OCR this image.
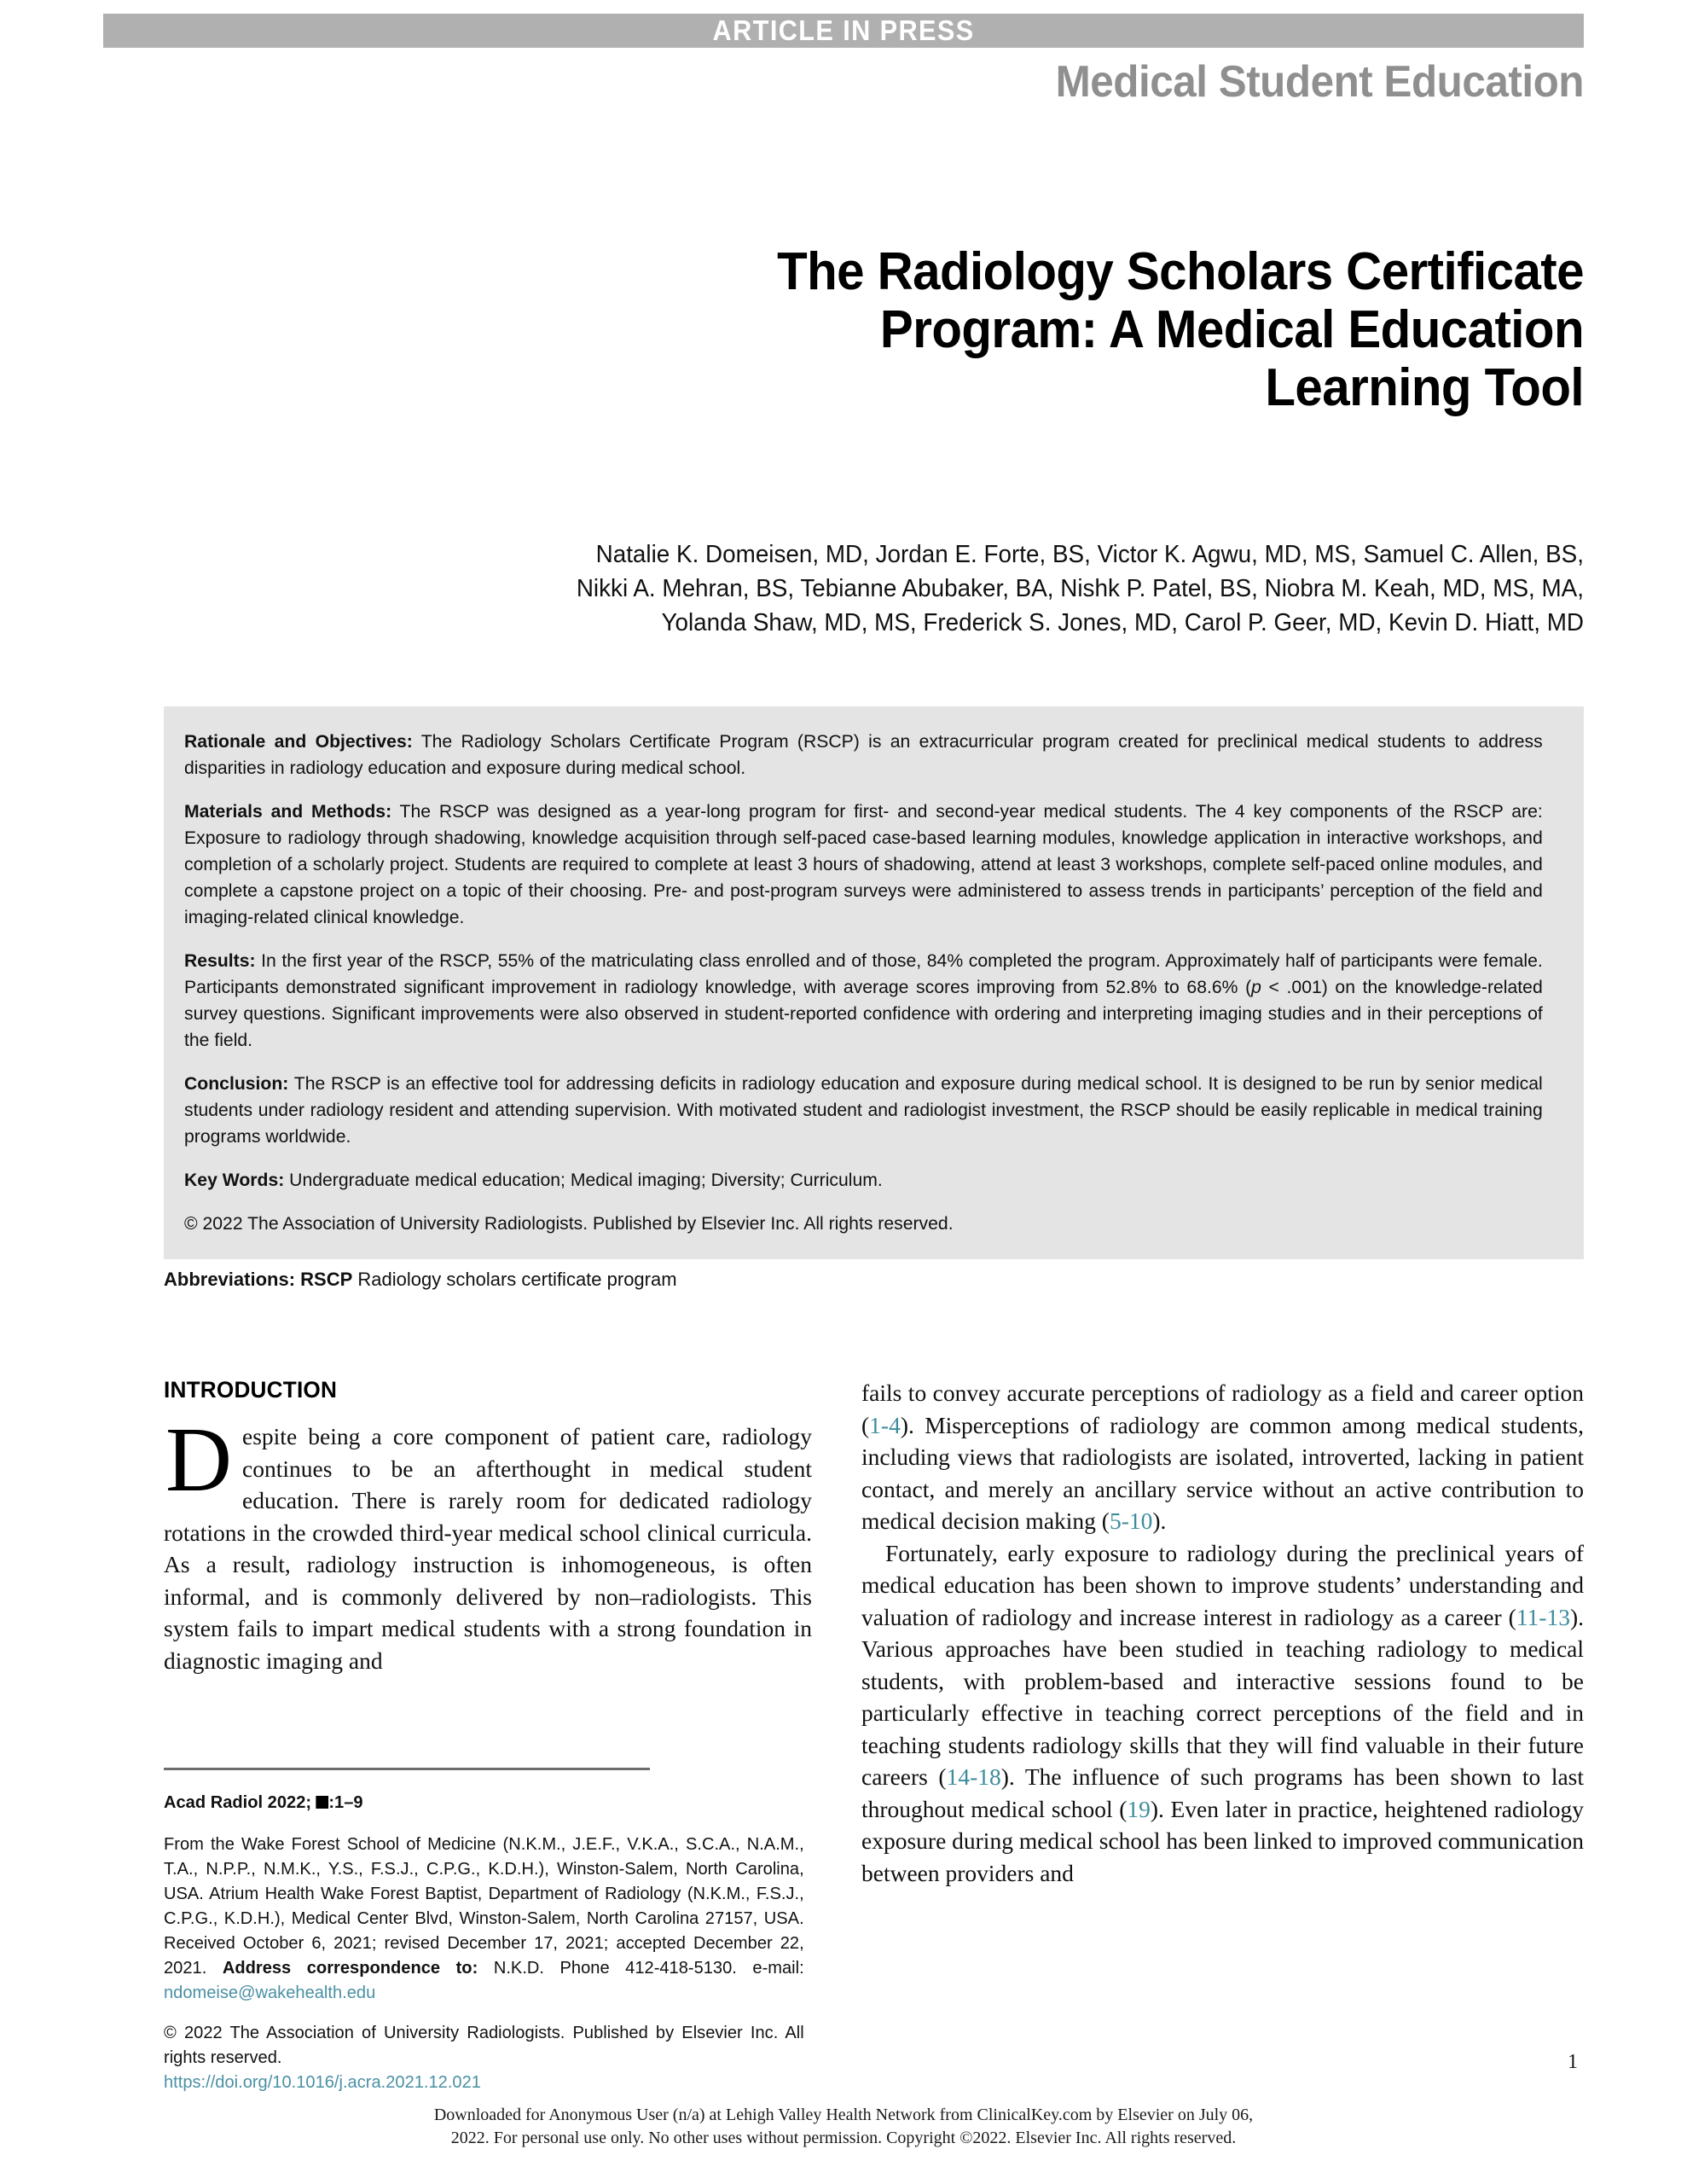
ARTICLE IN PRESS
Medical Student Education
The Radiology Scholars Certificate
Program: A Medical Education
Learning Tool
Natalie K. Domeisen, MD, Jordan E. Forte, BS, Victor K. Agwu, MD, MS, Samuel C. Allen, BS,
Nikki A. Mehran, BS, Tebianne Abubaker, BA, Nishk P. Patel, BS, Niobra M. Keah, MD, MS, MA,
Yolanda Shaw, MD, MS, Frederick S. Jones, MD, Carol P. Geer, MD, Kevin D. Hiatt, MD

Rationale and Objectives: The Radiology Scholars Certificate Program (RSCP) is an extracurricular program created for preclinical medical students to address disparities in radiology education and exposure during medical school.

Materials and Methods: The RSCP was designed as a year-long program for first- and second-year medical students. The 4 key components of the RSCP are: Exposure to radiology through shadowing, knowledge acquisition through self-paced case-based learning modules, knowledge application in interactive workshops, and completion of a scholarly project. Students are required to complete at least 3 hours of shadowing, attend at least 3 workshops, complete self-paced online modules, and complete a capstone project on a topic of their choosing. Pre- and post-program surveys were administered to assess trends in participants’ perception of the field and imaging-related clinical knowledge.

Results: In the first year of the RSCP, 55% of the matriculating class enrolled and of those, 84% completed the program. Approximately half of participants were female. Participants demonstrated significant improvement in radiology knowledge, with average scores improving from 52.8% to 68.6% (p < .001) on the knowledge-related survey questions. Significant improvements were also observed in student-reported confidence with ordering and interpreting imaging studies and in their perceptions of the field.

Conclusion: The RSCP is an effective tool for addressing deficits in radiology education and exposure during medical school. It is designed to be run by senior medical students under radiology resident and attending supervision. With motivated student and radiologist investment, the RSCP should be easily replicable in medical training programs worldwide.

Key Words: Undergraduate medical education; Medical imaging; Diversity; Curriculum.

© 2022 The Association of University Radiologists. Published by Elsevier Inc. All rights reserved.

Abbreviations: RSCP Radiology scholars certificate program
INTRODUCTION

Despite being a core component of patient care, radiology continues to be an afterthought in medical student education. There is rarely room for dedicated radiology rotations in the crowded third-year medical school clinical curricula. As a result, radiology instruction is inhomogeneous, is often informal, and is commonly delivered by non–radiologists. This system fails to impart medical students with a strong foundation in diagnostic imaging and

fails to convey accurate perceptions of radiology as a field and career option (1-4). Misperceptions of radiology are common among medical students, including views that radiologists are isolated, introverted, lacking in patient contact, and merely an ancillary service without an active contribution to medical decision making (5-10).

Fortunately, early exposure to radiology during the preclinical years of medical education has been shown to improve students’ understanding and valuation of radiology and increase interest in radiology as a career (11-13). Various approaches have been studied in teaching radiology to medical students, with problem-based and interactive sessions found to be particularly effective in teaching correct perceptions of the field and in teaching students radiology skills that they will find valuable in their future careers (14-18). The influence of such programs has been shown to last throughout medical school (19). Even later in practice, heightened radiology exposure during medical school has been linked to improved communication between providers and

Acad Radiol 2022; :1–9
From the Wake Forest School of Medicine (N.K.M., J.E.F., V.K.A., S.C.A., N.A.M., T.A., N.P.P., N.M.K., Y.S., F.S.J., C.P.G., K.D.H.), Winston-Salem, North Carolina, USA. Atrium Health Wake Forest Baptist, Department of Radiology (N.K.M., F.S.J., C.P.G., K.D.H.), Medical Center Blvd, Winston-Salem, North Carolina 27157, USA. Received October 6, 2021; revised December 17, 2021; accepted December 22, 2021. Address correspondence to: N.K.D. Phone 412-418-5130. e-mail: ndomeise@wakehealth.edu
© 2022 The Association of University Radiologists. Published by Elsevier Inc. All rights reserved.
https://doi.org/10.1016/j.acra.2021.12.021
1
Downloaded for Anonymous User (n/a) at Lehigh Valley Health Network from ClinicalKey.com by Elsevier on July 06,
2022. For personal use only. No other uses without permission. Copyright ©2022. Elsevier Inc. All rights reserved.
